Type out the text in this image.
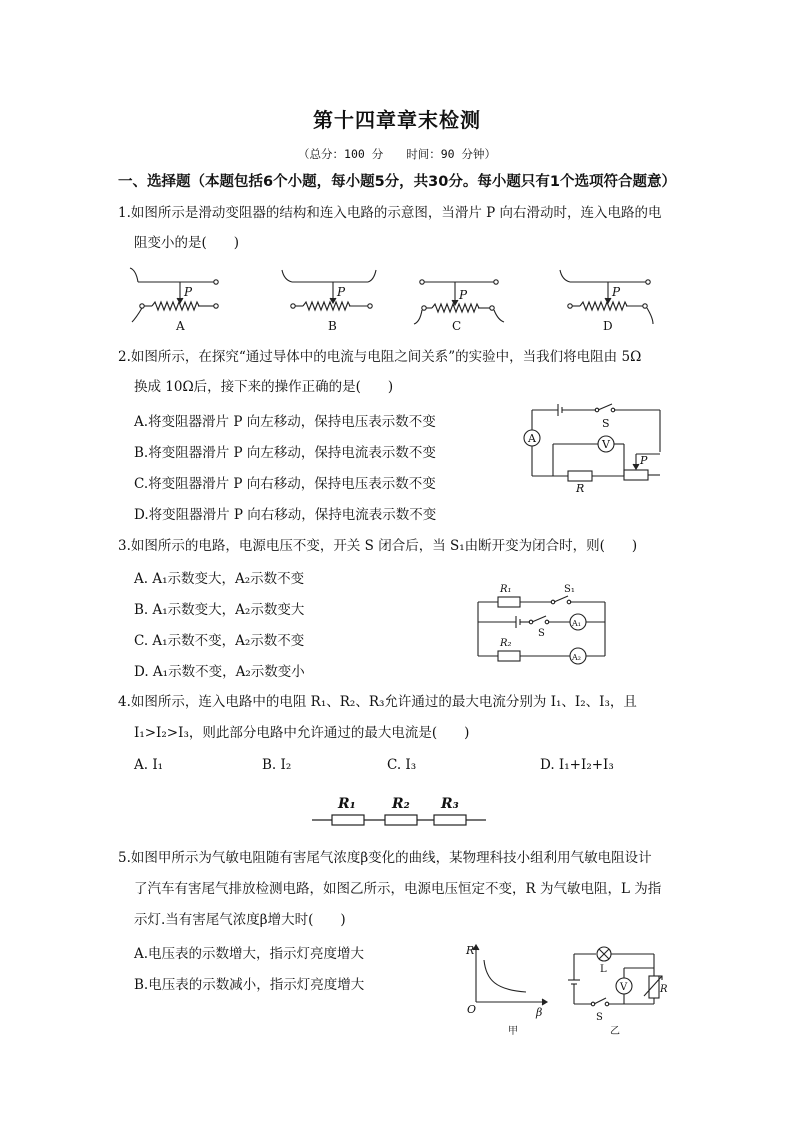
第十四章章末检测
（总分：100 分　　时间：90 分钟）
一、选择题（本题包括6个小题，每小题5分，共30分。每小题只有1个选项符合题意）
1.如图所示是滑动变阻器的结构和连入电路的示意图，当滑片 P 向右滑动时，连入电路的电
阻变小的是(　　)
P	P	P	P
A	B	C	D
2.如图所示，在探究“通过导体中的电流与电阻之间关系”的实验中，当我们将电阻由 5Ω
换成 10Ω后，接下来的操作正确的是(　　)
A.将变阻器滑片 P 向左移动，保持电压表示数不变
B.将变阻器滑片 P 向左移动，保持电流表示数不变
C.将变阻器滑片 P 向右移动，保持电压表示数不变
D.将变阻器滑片 P 向右移动，保持电流表示数不变
A	V
S
R
P
3.如图所示的电路，电源电压不变，开关 S 闭合后，当 S₁由断开变为闭合时，则(　　)
A. A₁示数变大，A₂示数不变
B. A₁示数变大，A₂示数变大
C. A₁示数不变，A₂示数不变
D. A₁示数不变，A₂示数变小
R₁	S₁
S
R₂
A₁
A₂
4.如图所示，连入电路中的电阻 R₁、R₂、R₃允许通过的最大电流分别为 I₁、I₂、I₃，且
I₁>I₂>I₃，则此部分电路中允许通过的最大电流是(　　)
A. I₁	B. I₂	C. I₃	D. I₁+I₂+I₃
R₁	R₂ R₃
5.如图甲所示为气敏电阻随有害尾气浓度β变化的曲线，某物理科技小组利用气敏电阻设计
了汽车有害尾气排放检测电路，如图乙所示，电源电压恒定不变，R 为气敏电阻，L 为指
示灯.当有害尾气浓度β增大时(　　)
A.电压表的示数增大，指示灯亮度增大
B.电压表的示数减小，指示灯亮度增大
R
β
O
甲
L
V	R
S
乙
